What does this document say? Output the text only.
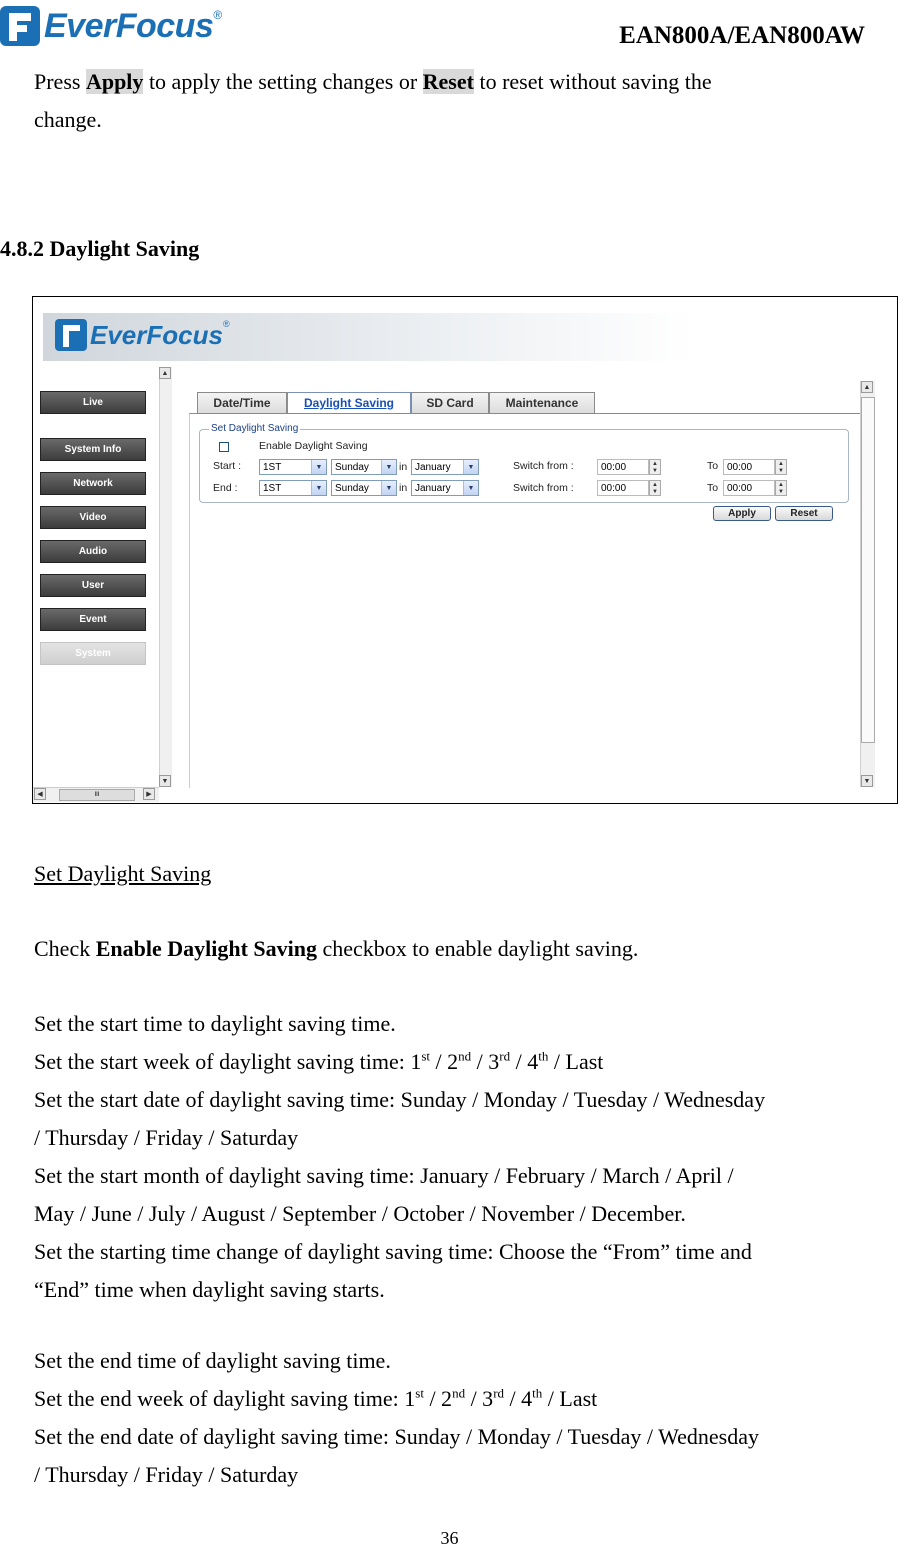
EverFocus ®
EAN800A/EAN800AW
Press Apply to apply the setting changes or Reset to reset without saving the
change.
4.8.2 Daylight Saving
EverFocus ®
Live
System Info
Network
Video
Audio
User
Event
System
▲
▼
◀	III	▶
▲
▼
Date/Time	Daylight Saving	SD Card	Maintenance
Set Daylight Saving
Enable Daylight Saving
Start : 1ST	▼	Sunday	▼ in January	▼	Switch from :	00:00	▲
▼	To 00:00	▲
▼
End :	1ST	▼	Sunday	▼ in January	▼	Switch from :	00:00	▲
▼	To 00:00	▲
▼
Apply	Reset
Set Daylight Saving
Check Enable Daylight Saving checkbox to enable daylight saving.
Set the start time to daylight saving time.
Set the start week of daylight saving time: 1st / 2nd / 3rd / 4th / Last
Set the start date of daylight saving time: Sunday / Monday / Tuesday / Wednesday
/ Thursday / Friday / Saturday
Set the start month of daylight saving time: January / February / March / April /
May / June / July / August / September / October / November / December.
Set the starting time change of daylight saving time: Choose the “From” time and
“End” time when daylight saving starts.
Set the end time of daylight saving time.
Set the end week of daylight saving time: 1st / 2nd / 3rd / 4th / Last
Set the end date of daylight saving time: Sunday / Monday / Tuesday / Wednesday
/ Thursday / Friday / Saturday
36
